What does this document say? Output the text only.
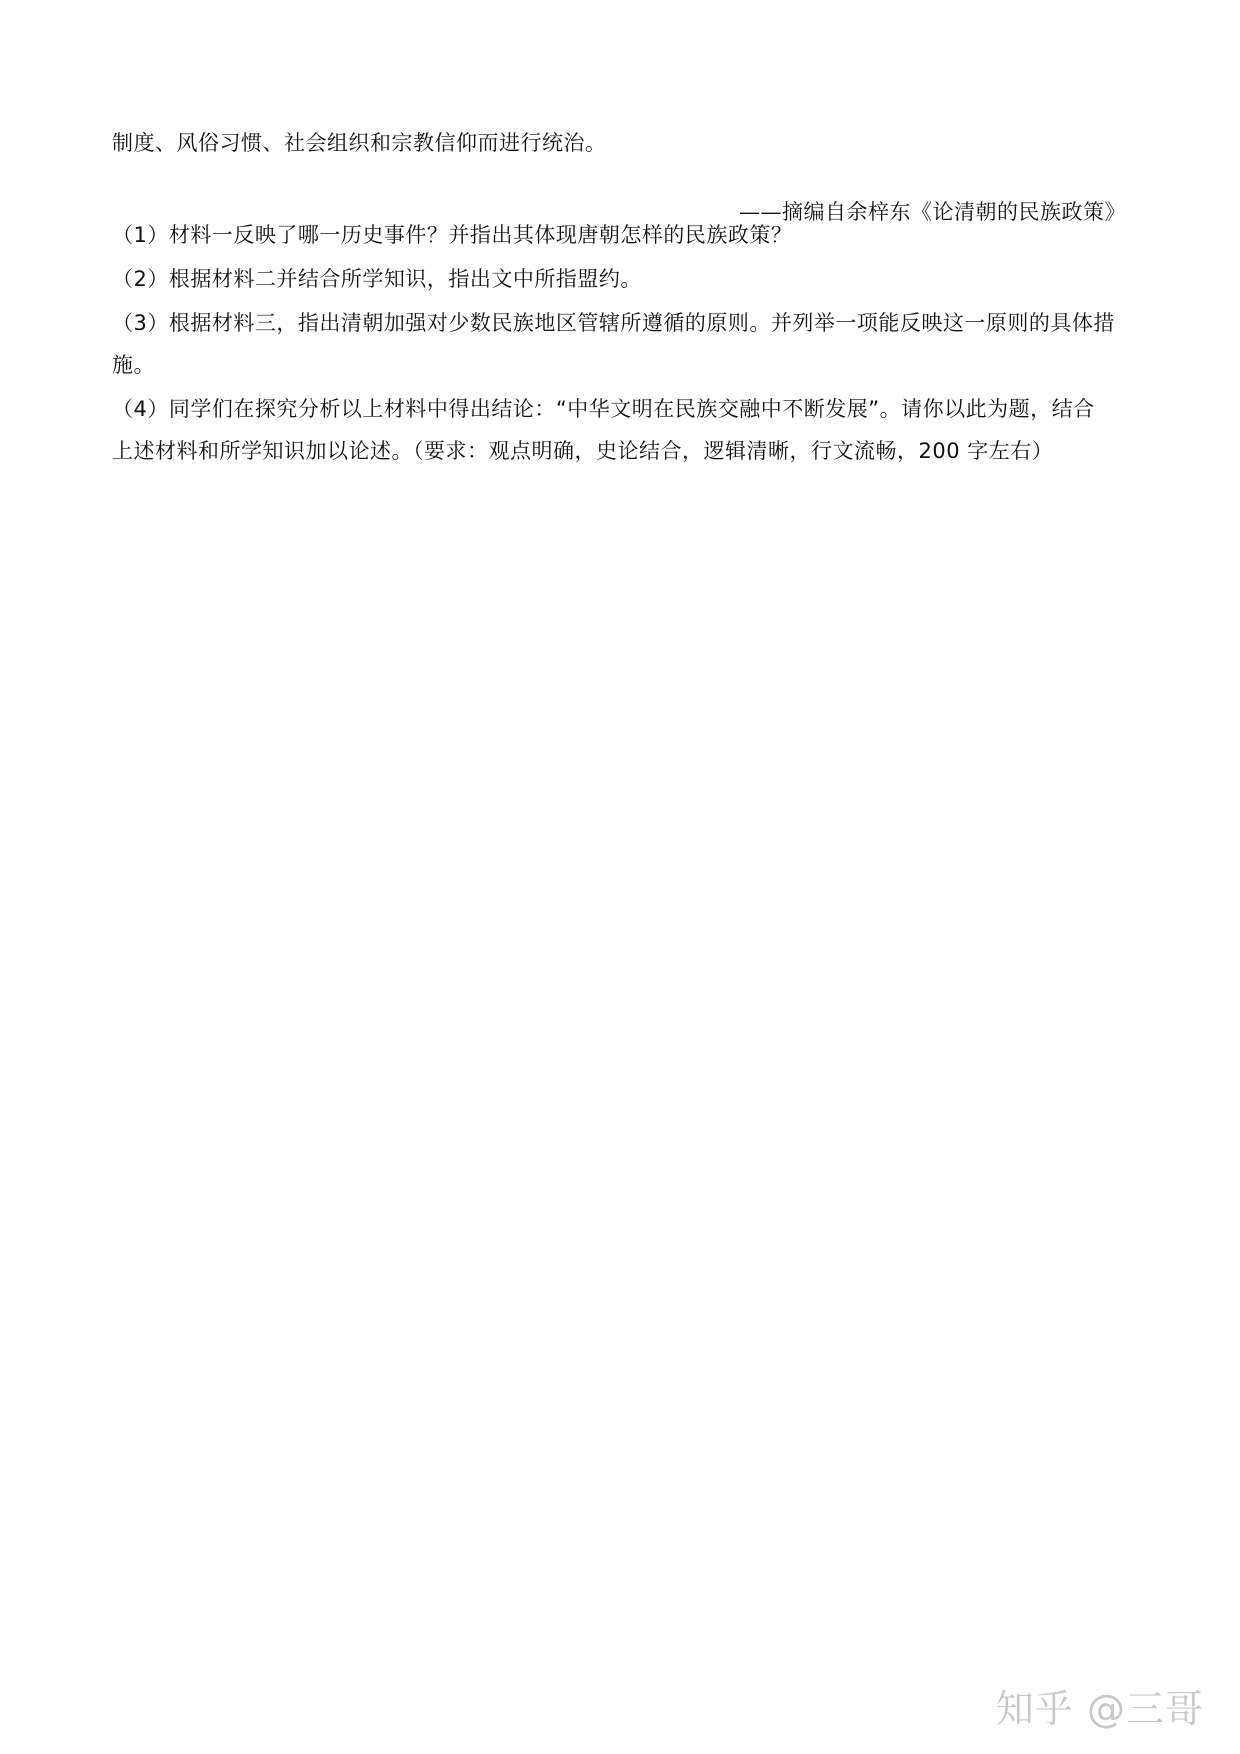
制度、风俗习惯、社会组织和宗教信仰而进行统治。
——摘编自余梓东《论清朝的民族政策》
（1）材料一反映了哪一历史事件？并指出其体现唐朝怎样的民族政策？
（2）根据材料二并结合所学知识，指出文中所指盟约。
（3）根据材料三，指出清朝加强对少数民族地区管辖所遵循的原则。并列举一项能反映这一原则的具体措
施。
（4）同学们在探究分析以上材料中得出结论：“中华文明在民族交融中不断发展”。请你以此为题，结合
上述材料和所学知识加以论述。（要求：观点明确，史论结合，逻辑清晰，行文流畅，200 字左右）
知乎 @三哥
